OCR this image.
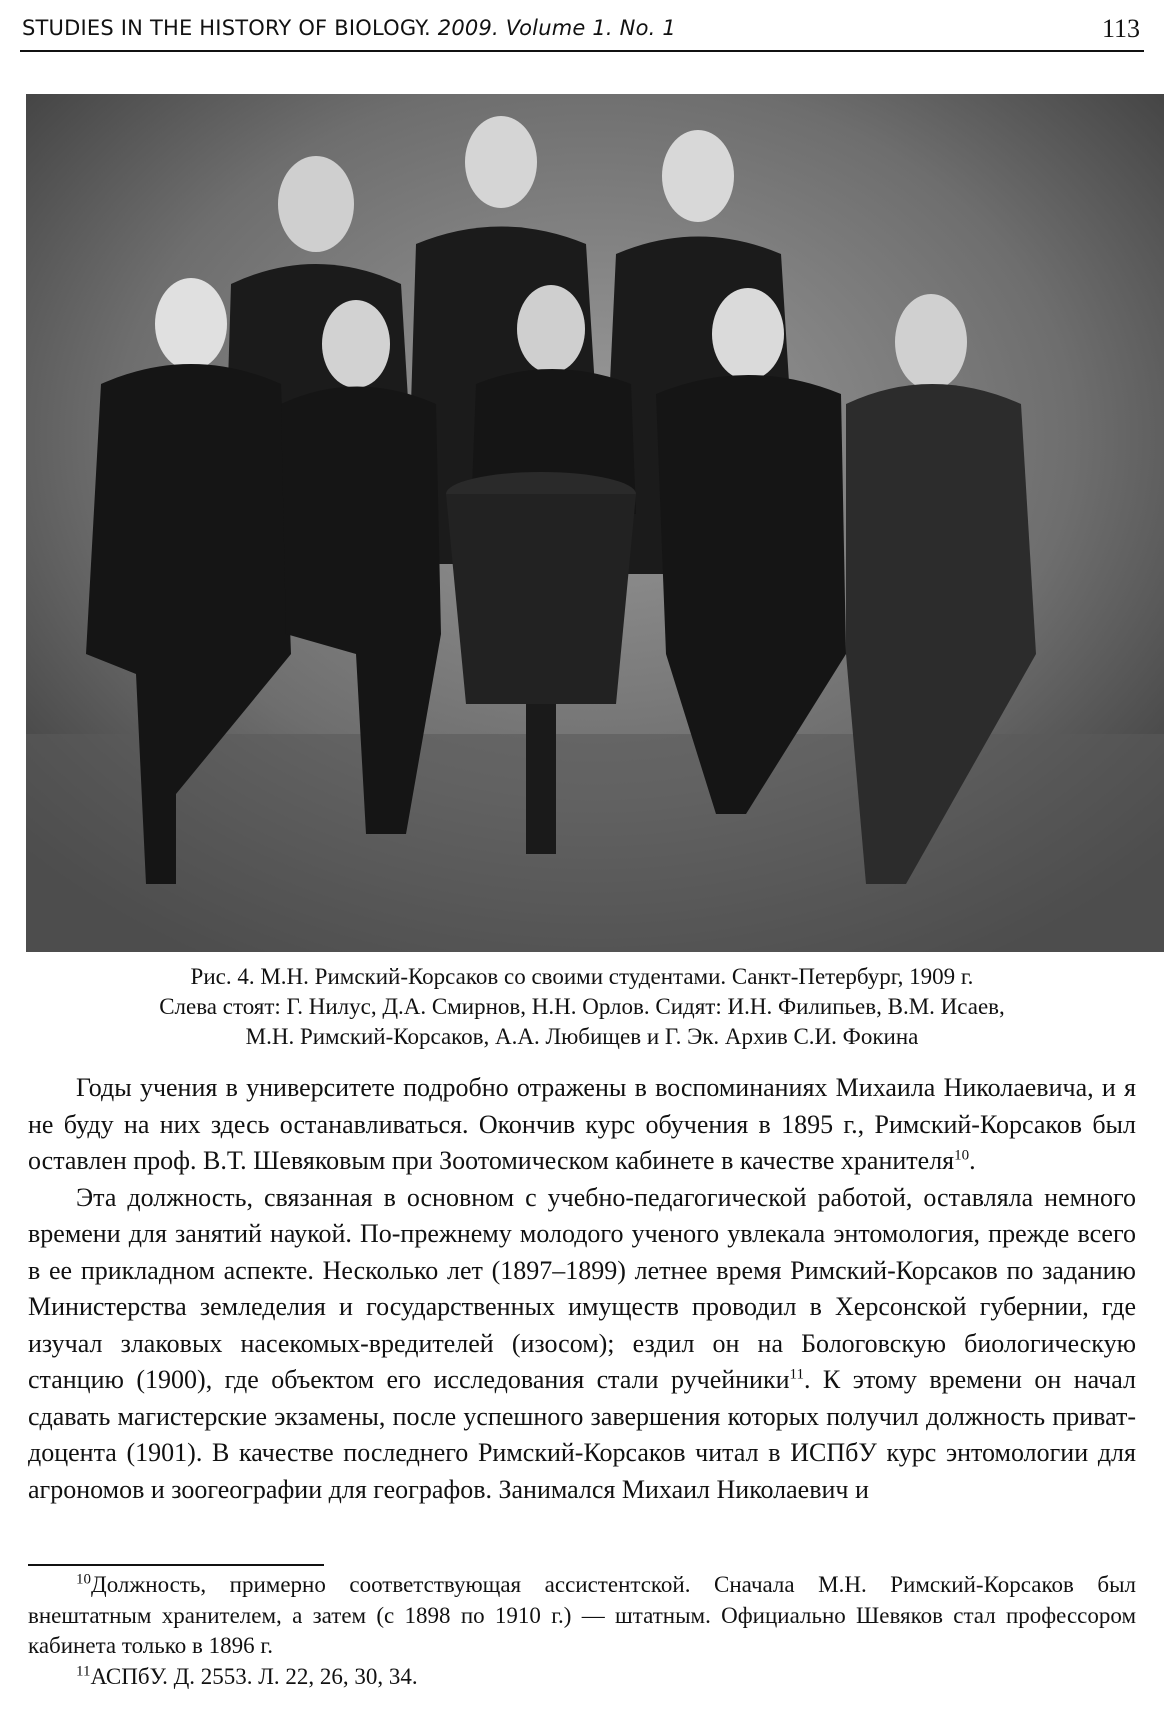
STUDIES IN THE HISTORY OF BIOLOGY. 2009. Volume 1. No. 1	113
Рис. 4. М.Н. Римский-Корсаков со своими студентами. Санкт-Петербург, 1909 г.
Слева стоят: Г. Нилус, Д.А. Смирнов, Н.Н. Орлов. Сидят: И.Н. Филипьев, В.М. Исаев,
М.Н. Римский-Корсаков, А.А. Любищев и Г. Эк. Архив С.И. Фокина

Годы учения в университете подробно отражены в воспоминаниях Михаила Николаевича, и я не буду на них здесь останавливаться. Окончив курс обучения в 1895 г., Римский-Корсаков был оставлен проф. В.Т. Шевяковым при Зоотомическом кабинете в качестве хранителя$^{10}$.

Эта должность, связанная в основном с учебно-педагогической работой, оставляла немного времени для занятий наукой. По-прежнему молодого ученого увлекала энтомология, прежде всего в ее прикладном аспекте. Несколько лет (1897–1899) летнее время Римский-Корсаков по заданию Министерства земледелия и государственных имуществ проводил в Херсонской губернии, где изучал злаковых насекомых-вредителей (изосом); ездил он на Бологовскую биологическую станцию (1900), где объектом его исследования стали ручейники$^{11}$. К этому времени он начал сдавать магистерские экзамены, после успешного завершения которых получил должность приват-доцента (1901). В качестве последнего Римский-Корсаков читал в ИСПбУ курс энтомологии для агрономов и зоогеографии для географов. Занимался Михаил Николаевич и

$^{10}$Должность, примерно соответствующая ассистентской. Сначала М.Н. Римский-Корсаков был внештатным хранителем, а затем (с 1898 по 1910 г.) — штатным. Официально Шевяков стал профессором кабинета только в 1896 г.

$^{11}$АСПбУ. Д. 2553. Л. 22, 26, 30, 34.
